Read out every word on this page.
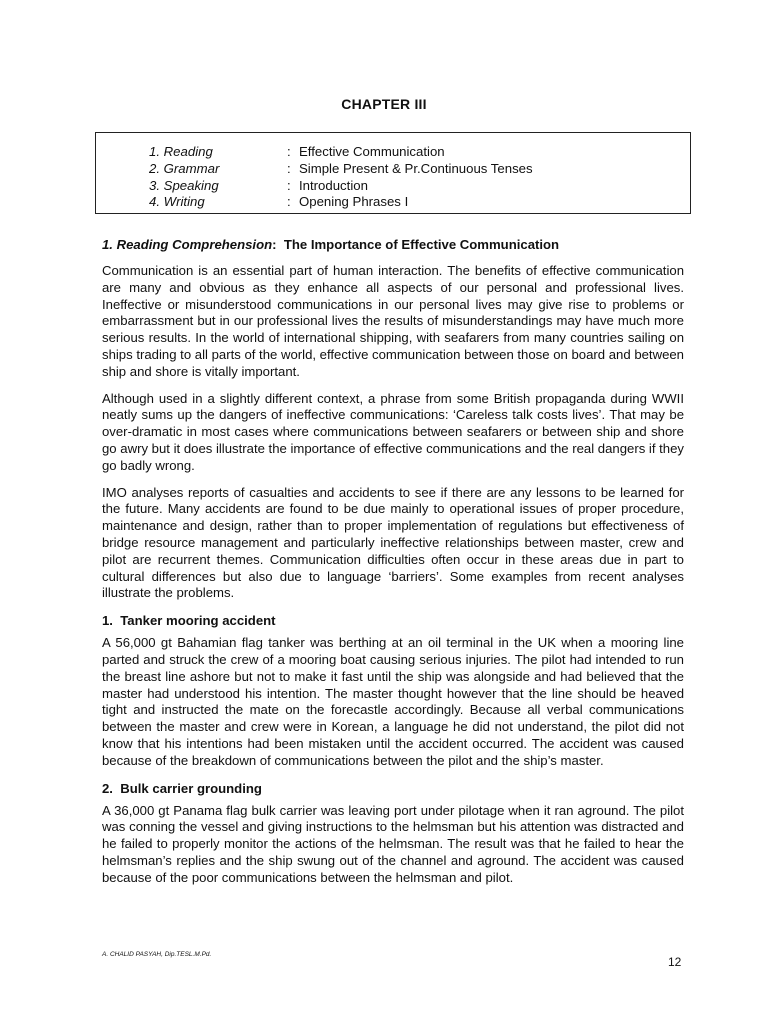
CHAPTER III
1. Reading	: Effective Communication
2. Grammar	: Simple Present & Pr.Continuous Tenses
3. Speaking	: Introduction
4. Writing	: Opening Phrases I
1. Reading Comprehension:  The Importance of Effective Communication

Communication is an essential part of human interaction. The benefits of effective communication are many and obvious as they enhance all aspects of our personal and professional lives. Ineffective or misunderstood communications in our personal lives may give rise to problems or embarrassment but in our professional lives the results of misunderstandings may have much more serious results. In the world of international shipping, with seafarers from many countries sailing on ships trading to all parts of the world, effective communication between those on board and between ship and shore is vitally important.

Although used in a slightly different context, a phrase from some British propaganda during WWII neatly sums up the dangers of ineffective communications: ‘Careless talk costs lives’. That may be over-dramatic in most cases where communications between seafarers or between ship and shore go awry but it does illustrate the importance of effective communications and the real dangers if they go badly wrong.

IMO analyses reports of casualties and accidents to see if there are any lessons to be learned for the future. Many accidents are found to be due mainly to operational issues of proper procedure, maintenance and design, rather than to proper implementation of regulations but effectiveness of bridge resource management and particularly ineffective relationships between master, crew and pilot are recurrent themes. Communication difficulties often occur in these areas due in part to cultural differences but also due to language ‘barriers’. Some examples from recent analyses illustrate the problems.

1.  Tanker mooring accident

A 56,000 gt Bahamian flag tanker was berthing at an oil terminal in the UK when a mooring line parted and struck the crew of a mooring boat causing serious injuries. The pilot had intended to run the breast line ashore but not to make it fast until the ship was alongside and had believed that the master had understood his intention. The master thought however that the line should be heaved tight and instructed the mate on the forecastle accordingly. Because all verbal communications between the master and crew were in Korean, a language he did not understand, the pilot did not know that his intentions had been mistaken until the accident occurred. The accident was caused because of the breakdown of communications between the pilot and the ship’s master.

2.  Bulk carrier grounding

A 36,000 gt Panama flag bulk carrier was leaving port under pilotage when it ran aground. The pilot was conning the vessel and giving instructions to the helmsman but his attention was distracted and he failed to properly monitor the actions of the helmsman. The result was that he failed to hear the helmsman’s replies and the ship swung out of the channel and aground. The accident was caused because of the poor communications between the helmsman and pilot.

A. CHALID PASYAH, Dip.TESL.M.Pd.
12
